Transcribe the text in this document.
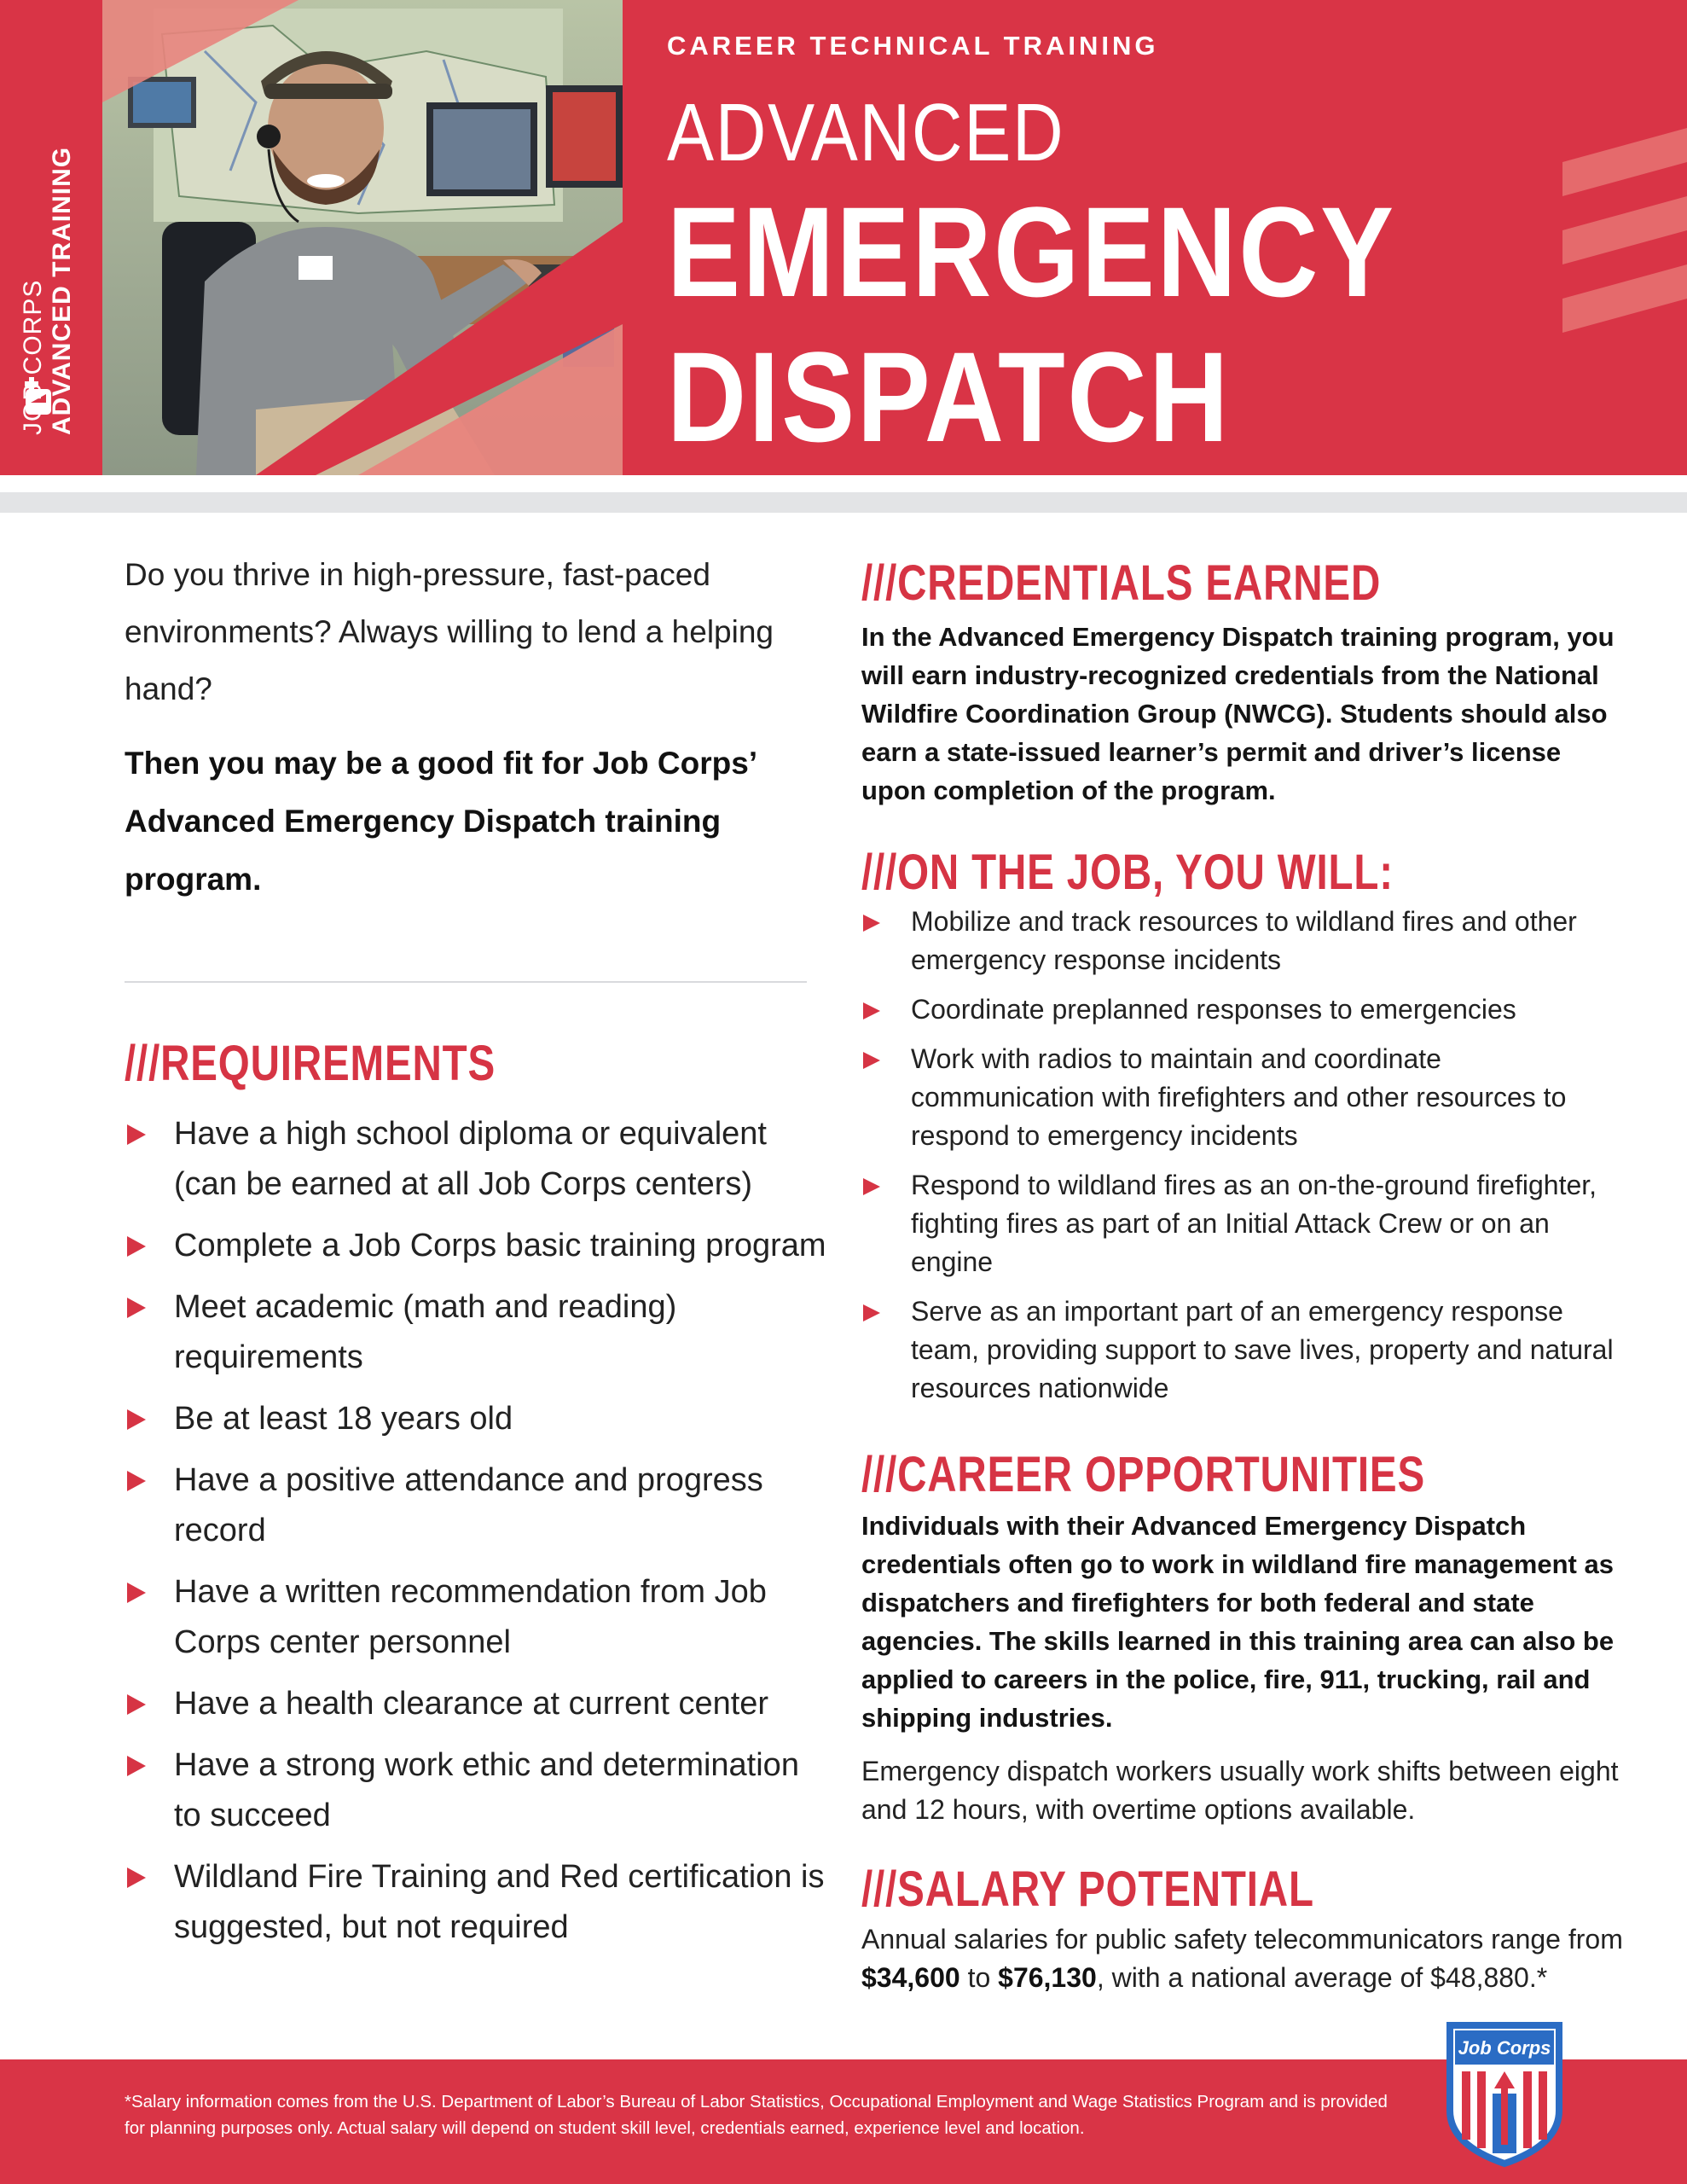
JOB CORPS ADVANCED TRAINING
CAREER TECHNICAL TRAINING
ADVANCED
EMERGENCY
DISPATCH

Do you thrive in high-pressure, fast-paced environments? Always willing to lend a helping hand?

Then you may be a good fit for Job Corps’ Advanced Emergency Dispatch training program.

///REQUIREMENTS
Have a high school diploma or equivalent (can be earned at all Job Corps centers)
Complete a Job Corps basic training program
Meet academic (math and reading) requirements
Be at least 18 years old
Have a positive attendance and progress record
Have a written recommendation from Job Corps center personnel
Have a health clearance at current center
Have a strong work ethic and determination to succeed
Wildland Fire Training and Red certification is suggested, but not required
///CREDENTIALS EARNED

In the Advanced Emergency Dispatch training program, you will earn industry-recognized credentials from the National Wildfire Coordination Group (NWCG). Students should also earn a state-issued learner’s permit and driver’s license upon completion of the program.

///ON THE JOB, YOU WILL:
Mobilize and track resources to wildland fires and other emergency response incidents
Coordinate preplanned responses to emergencies
Work with radios to maintain and coordinate communication with firefighters and other resources to respond to emergency incidents
Respond to wildland fires as an on-the-ground firefighter, fighting fires as part of an Initial Attack Crew or on an engine
Serve as an important part of an emergency response team, providing support to save lives, property and natural resources nationwide
///CAREER OPPORTUNITIES

Individuals with their Advanced Emergency Dispatch credentials often go to work in wildland fire management as dispatchers and firefighters for both federal and state agencies. The skills learned in this training area can also be applied to careers in the police, fire, 911, trucking, rail and shipping industries.

Emergency dispatch workers usually work shifts between eight and 12 hours, with overtime options available.

///SALARY POTENTIAL

Annual salaries for public safety telecommunicators range from $34,600 to $76,130, with a national average of $48,880.*

*Salary information comes from the U.S. Department of Labor’s Bureau of Labor Statistics, Occupational Employment and Wage Statistics Program and is provided for planning purposes only. Actual salary will depend on student skill level, credentials earned, experience level and location.

Job Corps
